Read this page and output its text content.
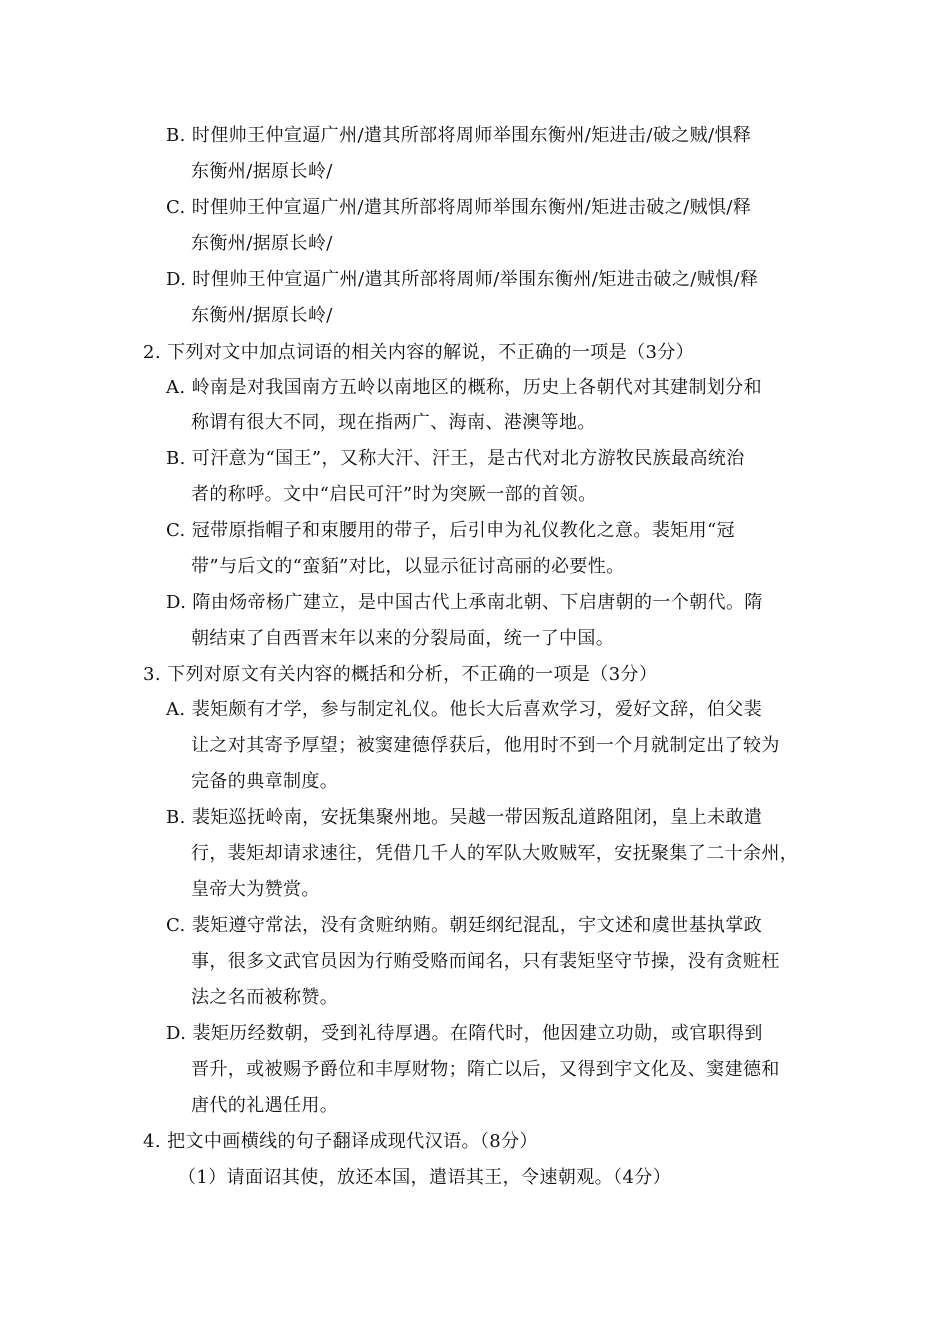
B. 时俚帅王仲宣逼广州/遣其所部将周师举围东衡州/矩进击/破之贼/惧释
东衡州/据原长岭/
C. 时俚帅王仲宣逼广州/遣其所部将周师举围东衡州/矩进击破之/贼惧/释
东衡州/据原长岭/
D. 时俚帅王仲宣逼广州/遣其所部将周师/举围东衡州/矩进击破之/贼惧/释
东衡州/据原长岭/
2. 下列对文中加点词语的相关内容的解说，不正确的一项是（3分）
A. 岭南是对我国南方五岭以南地区的概称，历史上各朝代对其建制划分和
称谓有很大不同，现在指两广、海南、港澳等地。
B. 可汗意为“国王”，又称大汗、汗王，是古代对北方游牧民族最高统治
者的称呼。文中“启民可汗”时为突厥一部的首领。
C. 冠带原指帽子和束腰用的带子，后引申为礼仪教化之意。裴矩用“冠
带”与后文的“蛮貊”对比，以显示征讨高丽的必要性。
D. 隋由炀帝杨广建立，是中国古代上承南北朝、下启唐朝的一个朝代。隋
朝结束了自西晋末年以来的分裂局面，统一了中国。
3. 下列对原文有关内容的概括和分析，不正确的一项是（3分）
A. 裴矩颇有才学，参与制定礼仪。他长大后喜欢学习，爱好文辞，伯父裴
让之对其寄予厚望；被窦建德俘获后，他用时不到一个月就制定出了较为
完备的典章制度。
B. 裴矩巡抚岭南，安抚集聚州地。吴越一带因叛乱道路阻闭，皇上未敢遣
行，裴矩却请求速往，凭借几千人的军队大败贼军，安抚聚集了二十余州，
皇帝大为赞赏。
C. 裴矩遵守常法，没有贪赃纳贿。朝廷纲纪混乱，宇文述和虞世基执掌政
事，很多文武官员因为行贿受赂而闻名，只有裴矩坚守节操，没有贪赃枉
法之名而被称赞。
D. 裴矩历经数朝，受到礼待厚遇。在隋代时，他因建立功勋，或官职得到
晋升，或被赐予爵位和丰厚财物；隋亡以后，又得到宇文化及、窦建德和
唐代的礼遇任用。
4. 把文中画横线的句子翻译成现代汉语。（8分）
（1）请面诏其使，放还本国，遣语其王，令速朝观。（4分）
